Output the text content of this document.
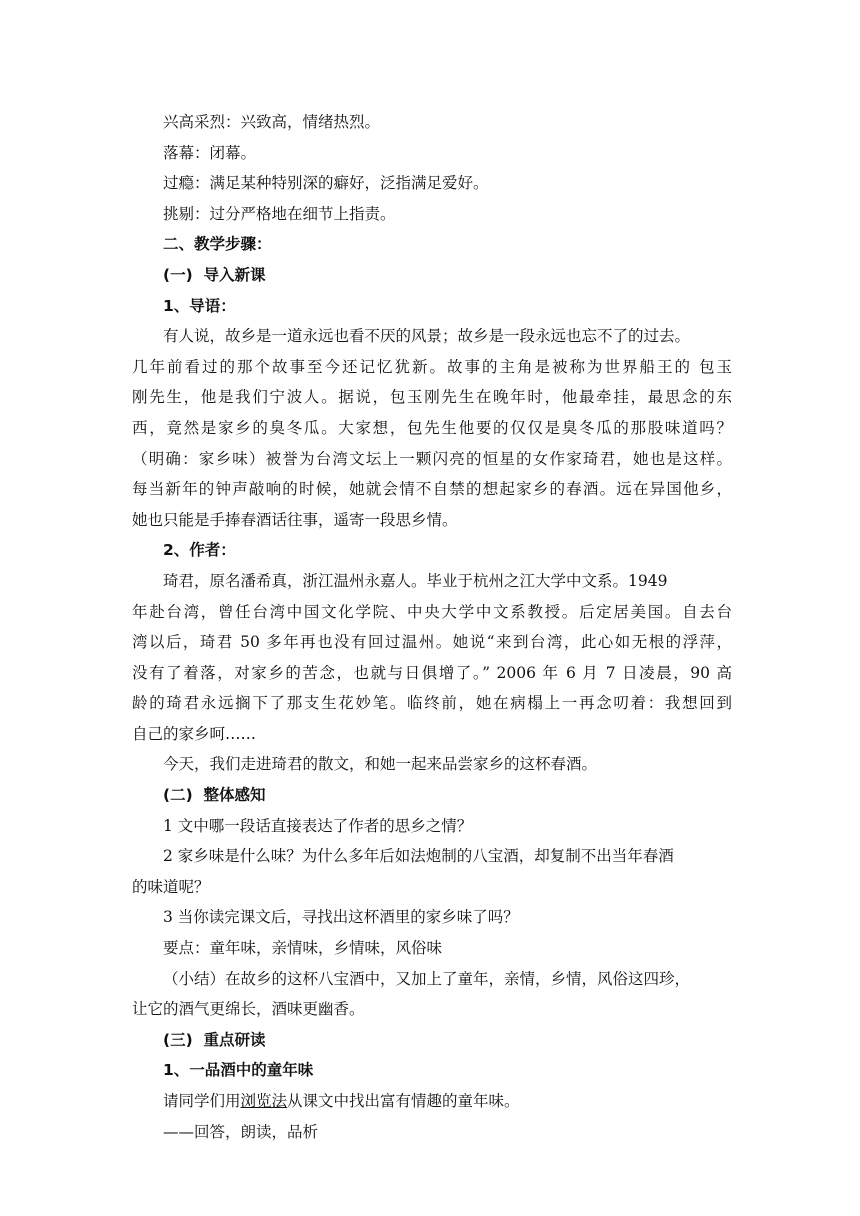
兴高采烈：兴致高，情绪热烈。
落幕：闭幕。
过瘾：满足某种特别深的癖好，泛指满足爱好。
挑剔：过分严格地在细节上指责。
二、教学步骤：
(一)  导入新课
1、导语：
有人说，故乡是一道永远也看不厌的风景；故乡是一段永远也忘不了的过去。
几年前看过的那个故事至今还记忆犹新。故事的主角是被称为世界船王的 包玉
刚先生，他是我们宁波人。据说，包玉刚先生在晚年时，他最牵挂，最思念的东
西，竟然是家乡的臭冬瓜。大家想，包先生他要的仅仅是臭冬瓜的那股味道吗？
（明确：家乡味）被誉为台湾文坛上一颗闪亮的恒星的女作家琦君，她也是这样。
每当新年的钟声敲响的时候，她就会情不自禁的想起家乡的春酒。远在异国他乡，
她也只能是手捧春酒话往事，遥寄一段思乡情。
2、作者：
琦君，原名潘希真，浙江温州永嘉人。毕业于杭州之江大学中文系。1949
年赴台湾，曾任台湾中国文化学院、中央大学中文系教授。后定居美国。自去台
湾以后，琦君 50 多年再也没有回过温州。她说“来到台湾，此心如无根的浮萍，
没有了着落，对家乡的苦念，也就与日俱增了。” 2006 年 6 月 7 日凌晨，90 高
龄的琦君永远搁下了那支生花妙笔。临终前，她在病榻上一再念叨着：我想回到
自己的家乡呵……
今天，我们走进琦君的散文，和她一起来品尝家乡的这杯春酒。
(二)  整体感知
1 文中哪一段话直接表达了作者的思乡之情？
2 家乡味是什么味？为什么多年后如法炮制的八宝酒，却复制不出当年春酒
的味道呢？
3 当你读完课文后，寻找出这杯酒里的家乡味了吗？
要点：童年味，亲情味，乡情味，风俗味
（小结）在故乡的这杯八宝酒中，又加上了童年，亲情，乡情，风俗这四珍，
让它的酒气更绵长，酒味更幽香。
(三)  重点研读
1、一品酒中的童年味
请同学们用浏览法从课文中找出富有情趣的童年味。
——回答，朗读，品析
